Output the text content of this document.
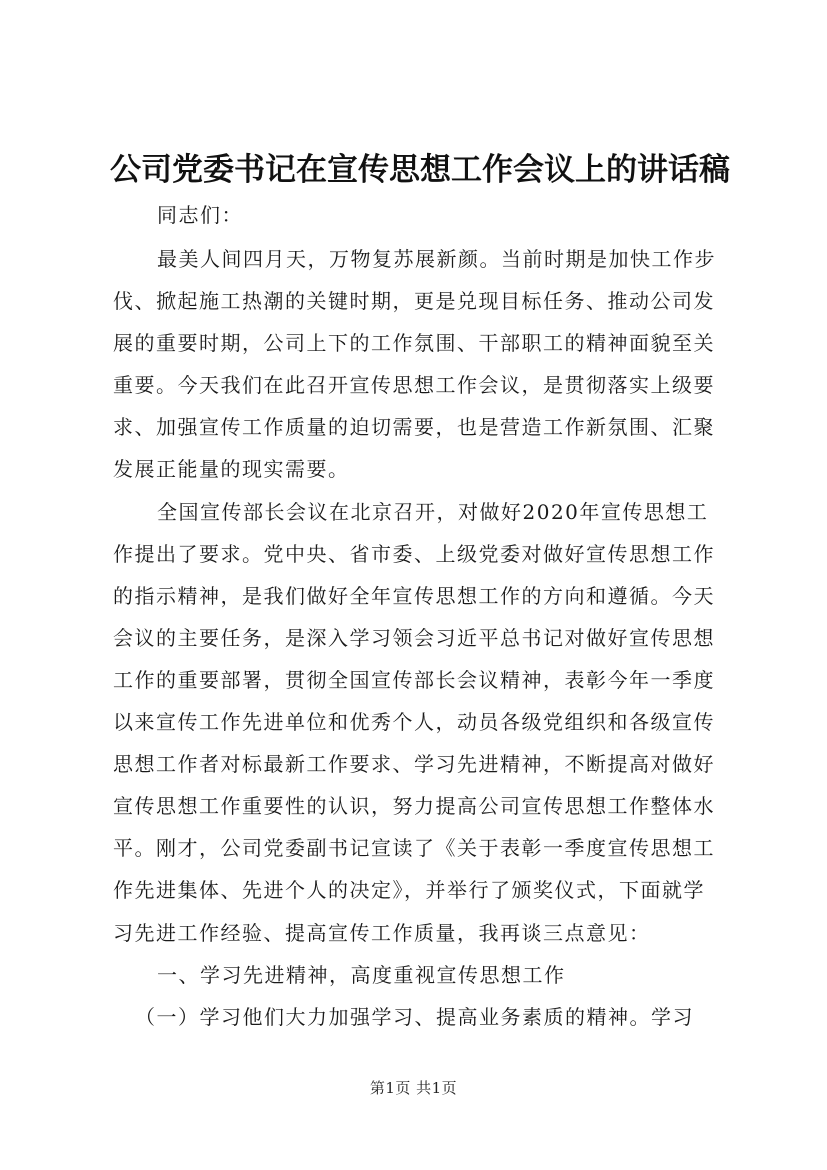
公司党委书记在宣传思想工作会议上的讲话稿

同志们：

最美人间四月天，万物复苏展新颜。当前时期是加快工作步伐、掀起施工热潮的关键时期，更是兑现目标任务、推动公司发展的重要时期，公司上下的工作氛围、干部职工的精神面貌至关重要。今天我们在此召开宣传思想工作会议，是贯彻落实上级要求、加强宣传工作质量的迫切需要，也是营造工作新氛围、汇聚发展正能量的现实需要。

全国宣传部长会议在北京召开，对做好2020年宣传思想工作提出了要求。党中央、省市委、上级党委对做好宣传思想工作的指示精神，是我们做好全年宣传思想工作的方向和遵循。今天会议的主要任务，是深入学习领会习近平总书记对做好宣传思想工作的重要部署，贯彻全国宣传部长会议精神，表彰今年一季度以来宣传工作先进单位和优秀个人，动员各级党组织和各级宣传思想工作者对标最新工作要求、学习先进精神，不断提高对做好宣传思想工作重要性的认识，努力提高公司宣传思想工作整体水平。刚才，公司党委副书记宣读了《关于表彰一季度宣传思想工作先进集体、先进个人的决定》，并举行了颁奖仪式，下面就学习先进工作经验、提高宣传工作质量，我再谈三点意见：

一、学习先进精神，高度重视宣传思想工作

（一）学习他们大力加强学习、提高业务素质的精神。学习

第1页 共1页
